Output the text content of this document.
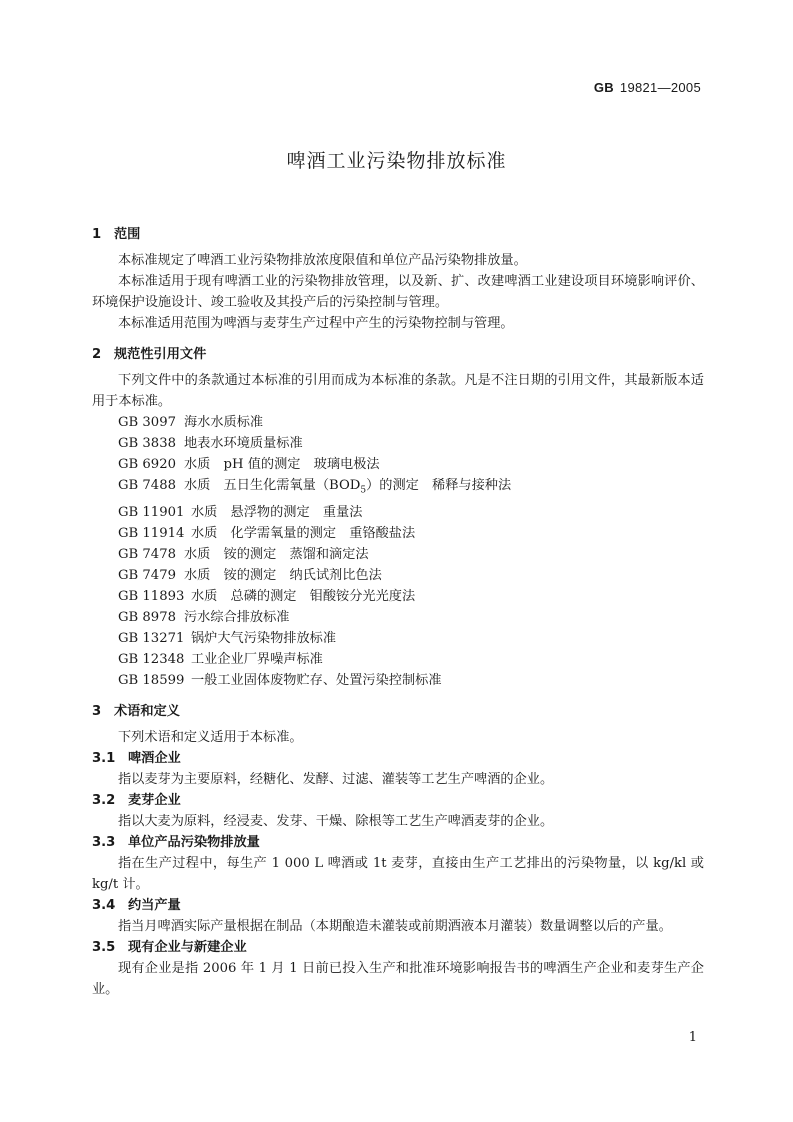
GB 19821—2005
啤酒工业污染物排放标准
1 范围

本标准规定了啤酒工业污染物排放浓度限值和单位产品污染物排放量。

本标准适用于现有啤酒工业的污染物排放管理，以及新、扩、改建啤酒工业建设项目环境影响评价、环境保护设施设计、竣工验收及其投产后的污染控制与管理。

本标准适用范围为啤酒与麦芽生产过程中产生的污染物控制与管理。

2 规范性引用文件

下列文件中的条款通过本标准的引用而成为本标准的条款。凡是不注日期的引用文件，其最新版本适用于本标准。

GB 3097 海水水质标准

GB 3838 地表水环境质量标准

GB 6920 水质　pH 值的测定　玻璃电极法

GB 7488 水质　五日生化需氧量$(BOD_5)$的测定　稀释与接种法

GB 11901 水质　悬浮物的测定　重量法

GB 11914 水质　化学需氧量的测定　重铬酸盐法

GB 7478 水质　铵的测定　蒸馏和滴定法

GB 7479 水质　铵的测定　纳氏试剂比色法

GB 11893 水质　总磷的测定　钼酸铵分光光度法

GB 8978 污水综合排放标准

GB 13271 锅炉大气污染物排放标准

GB 12348 工业企业厂界噪声标准

GB 18599 一般工业固体废物贮存、处置污染控制标准

3 术语和定义

下列术语和定义适用于本标准。

3.1 啤酒企业

指以麦芽为主要原料，经糖化、发酵、过滤、灌装等工艺生产啤酒的企业。

3.2 麦芽企业

指以大麦为原料，经浸麦、发芽、干燥、除根等工艺生产啤酒麦芽的企业。

3.3 单位产品污染物排放量

指在生产过程中，每生产 1 000 L 啤酒或 1t 麦芽，直接由生产工艺排出的污染物量，以 kg/kl 或 kg/t 计。

3.4 约当产量

指当月啤酒实际产量根据在制品（本期酿造未灌装或前期酒液本月灌装）数量调整以后的产量。

3.5 现有企业与新建企业

现有企业是指 2006 年 1 月 1 日前已投入生产和批准环境影响报告书的啤酒生产企业和麦芽生产企业。

1
